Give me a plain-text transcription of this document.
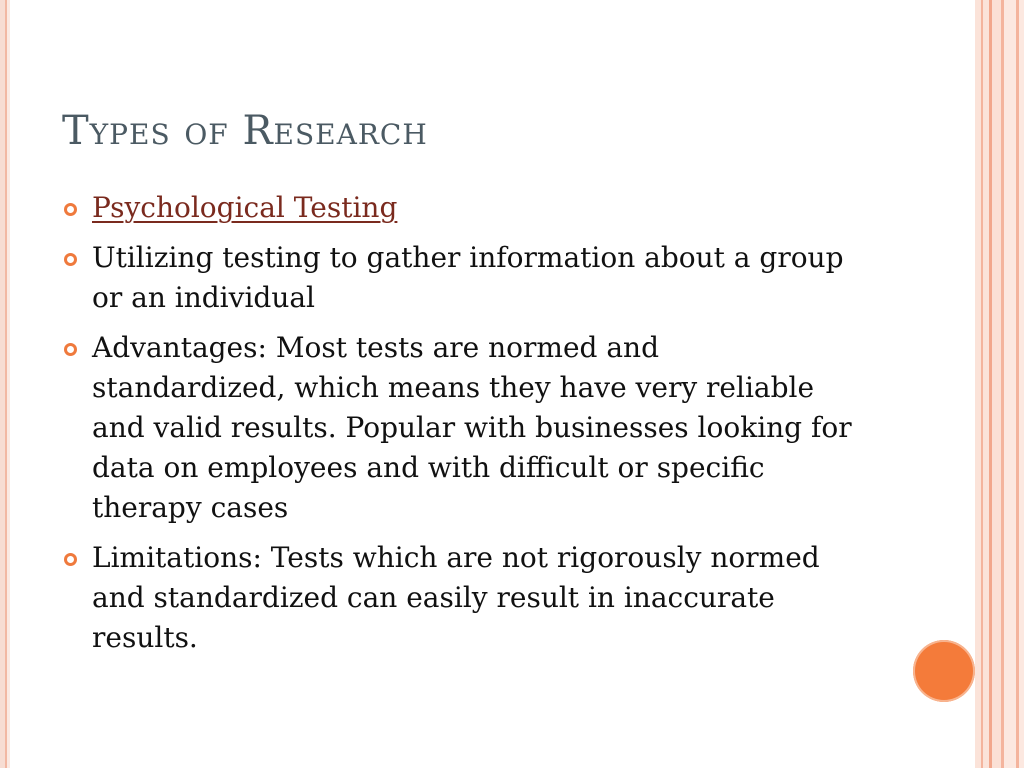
Types of Research
Psychological Testing
Utilizing testing to gather information about a group or an individual
Advantages: Most tests are normed and standardized, which means they have very reliable and valid results. Popular with businesses looking for data on employees and with difficult or specific therapy cases
Limitations: Tests which are not rigorously normed and standardized can easily result in inaccurate results.
